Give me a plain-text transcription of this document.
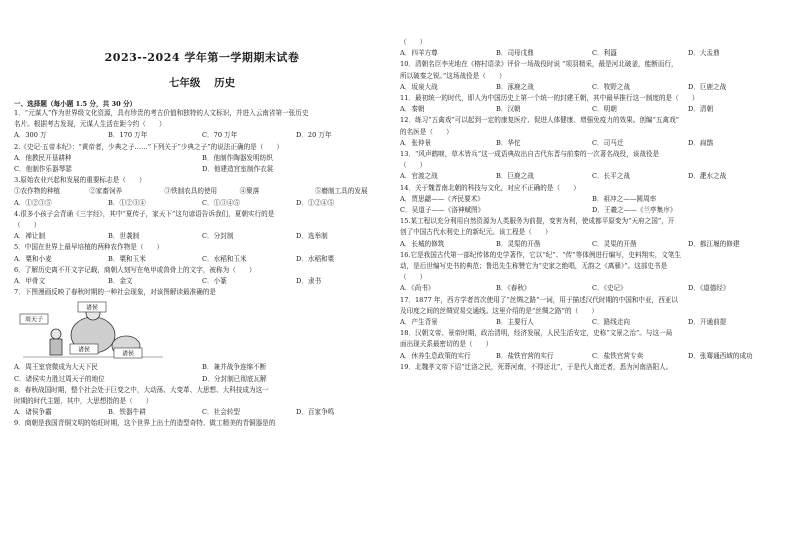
2023--2024 学年第一学期期末试卷
七年级 历史
一、选择题（每小题 1.5 分，共 30 分）
1．“元谋人”作为世界级文化资源，具有珍贵的考古价值和独特的人文标识，并进入云南省第一张历史
名片。根据考古发现，元谋人生活在距今约（　　）
A．300 万	B．170 万年	C．70 万年	D．20 万年
2.《史记·五帝本纪》：“黄帝者，少典之子……”下列关于“少典之子”的说法正确的是（　　）
A．他教民开垦耕种	B．他制作陶器发明纺织
C．他制作乐器琴瑟	D．他建造宫室制作衣裳
3.原始农业兴起和发展的重要标志是（　　）
①农作物的种植	②家畜饲养	③铁制农具的使用	④聚落	⑤磨制工具的发展
A．①②③⑤	B．①②③④	C．①③④⑤	D．①②④⑤
4.很多小孩子会背诵《三字经》，其中“夏传子，家天下”这句谚语告诉我们，夏朝实行的是
（　　）
A．禅让制	B．世袭制	C．分封制	D．选举制
5．中国在世界上最早培植的两种农作物是（　　）
A．粟和小麦	B．粟和玉米	C．水稻和玉米	D．水稻和粟
6．了解历史离不开文字记载，商朝人刻写在龟甲或兽骨上的文字，被称为（　　）
A．甲骨文	B．金文	C．小篆	D．隶书
7．下图漫画反映了春秋时期的一种社会现象，对该图解读最准确的是
诸侯
周天子
诸侯
诸侯
A．周王室衰微成为大天下民	B．兼并战争连绵不断
C．诸侯实力胜过周天子的地位	D．分封制已彻底瓦解
8．春秋战国时期，整个社会处于巨变之中，大动荡、大变革、大思想、大科技成为这一
时期的时代主题，其中，大思想指的是（　　）
A．诸侯争霸	B．铁器牛耕	C．社会转型	D．百家争鸣
9．商朝是我国青铜文明的始旺时期，这个世界上出土的造型奇特、做工精美的青铜器是的
（　　）
A．四羊方尊	B．司母戊鼎	C．利簋	D．大盂鼎
10．清朝名臣李光地在《榕村语录》评价一场战役时说 “项羽精采，最是河北破釜，能断而行，
所以破秦之锐。”这场战役是（　　）
A．坂泉大战	B．涿鹿之战	C．牧野之战	D．巨鹿之战
11．最初统一的时代，即人为中国历史上第一个统一的封建王朝，其中最早推行这一制度的是（　　）
A．秦朝	B．汉朝	C．明朝	D．清朝
12．练习“五禽戏”可以起到一定的康复医疗、促进人体健康、增强免疫力的效果。创编“五禽戏”
的名医是（　　）
A．张仲景	B．华佗	C．司马迁	D．扁鹊
13．“风声鹤唳，草木皆兵”这一成语典故出自古代东晋与前秦的一次著名战役，该战役是
（　　）
A．官渡之战	B．巨鹿之战	C．长平之战	D．淝水之战
14．关于魏晋南北朝的科技与文化，对应不正确的是（　　）
A．贾思勰——《齐民要术》	B．祖冲之——圆周率
C．吴道子——《洛神赋图》	D．王羲之——《兰亭集序》
15.某工程以充分利用自然资源为人类服务为前提，变害为利，使成都平原变为“天府之国”，开
创了中国古代水利史上的新纪元。该工程是（　　）
A．长城的修筑	B．灵渠的开凿	C．灵渠的开凿	D．都江堰的修建
16.它是我国古代第一部纪传体的史学著作，它以“纪”、“传”等体例进行编写，史料翔实，文笔生
动，是后世编写史书的典范；鲁迅先生称赞它为“史家之绝唱，无韵之《离骚》”。这部史书是
（　　）
A．《尚书》	B．《春秋》	C．《史记》	D．《道德经》
17．1877 年，西方学者首次使用了“丝绸之路”一词，用于描述汉代时期的中国和中亚，西亚以
及印度之间的丝绸贸易交通线。这里介绍的是“丝绸之路”的（　　）
A．产生背景	B．主要行人	C．路线走向	D．开通前提
18．汉朝文帝、景帝时期，政治清明，经济发展，人民生活安定，史称“文景之治”。与这一局
面出现关系最密切的是（　　）
A．休养生息政策的实行	B．盐铁官营的实行	C．盐铁官营专卖	D．张骞通西域的成功
19．北魏孝文帝下诏“迁洛之民，死葬河南，不得还北”，于是代人南迁者，悉为河南洛阳人。
